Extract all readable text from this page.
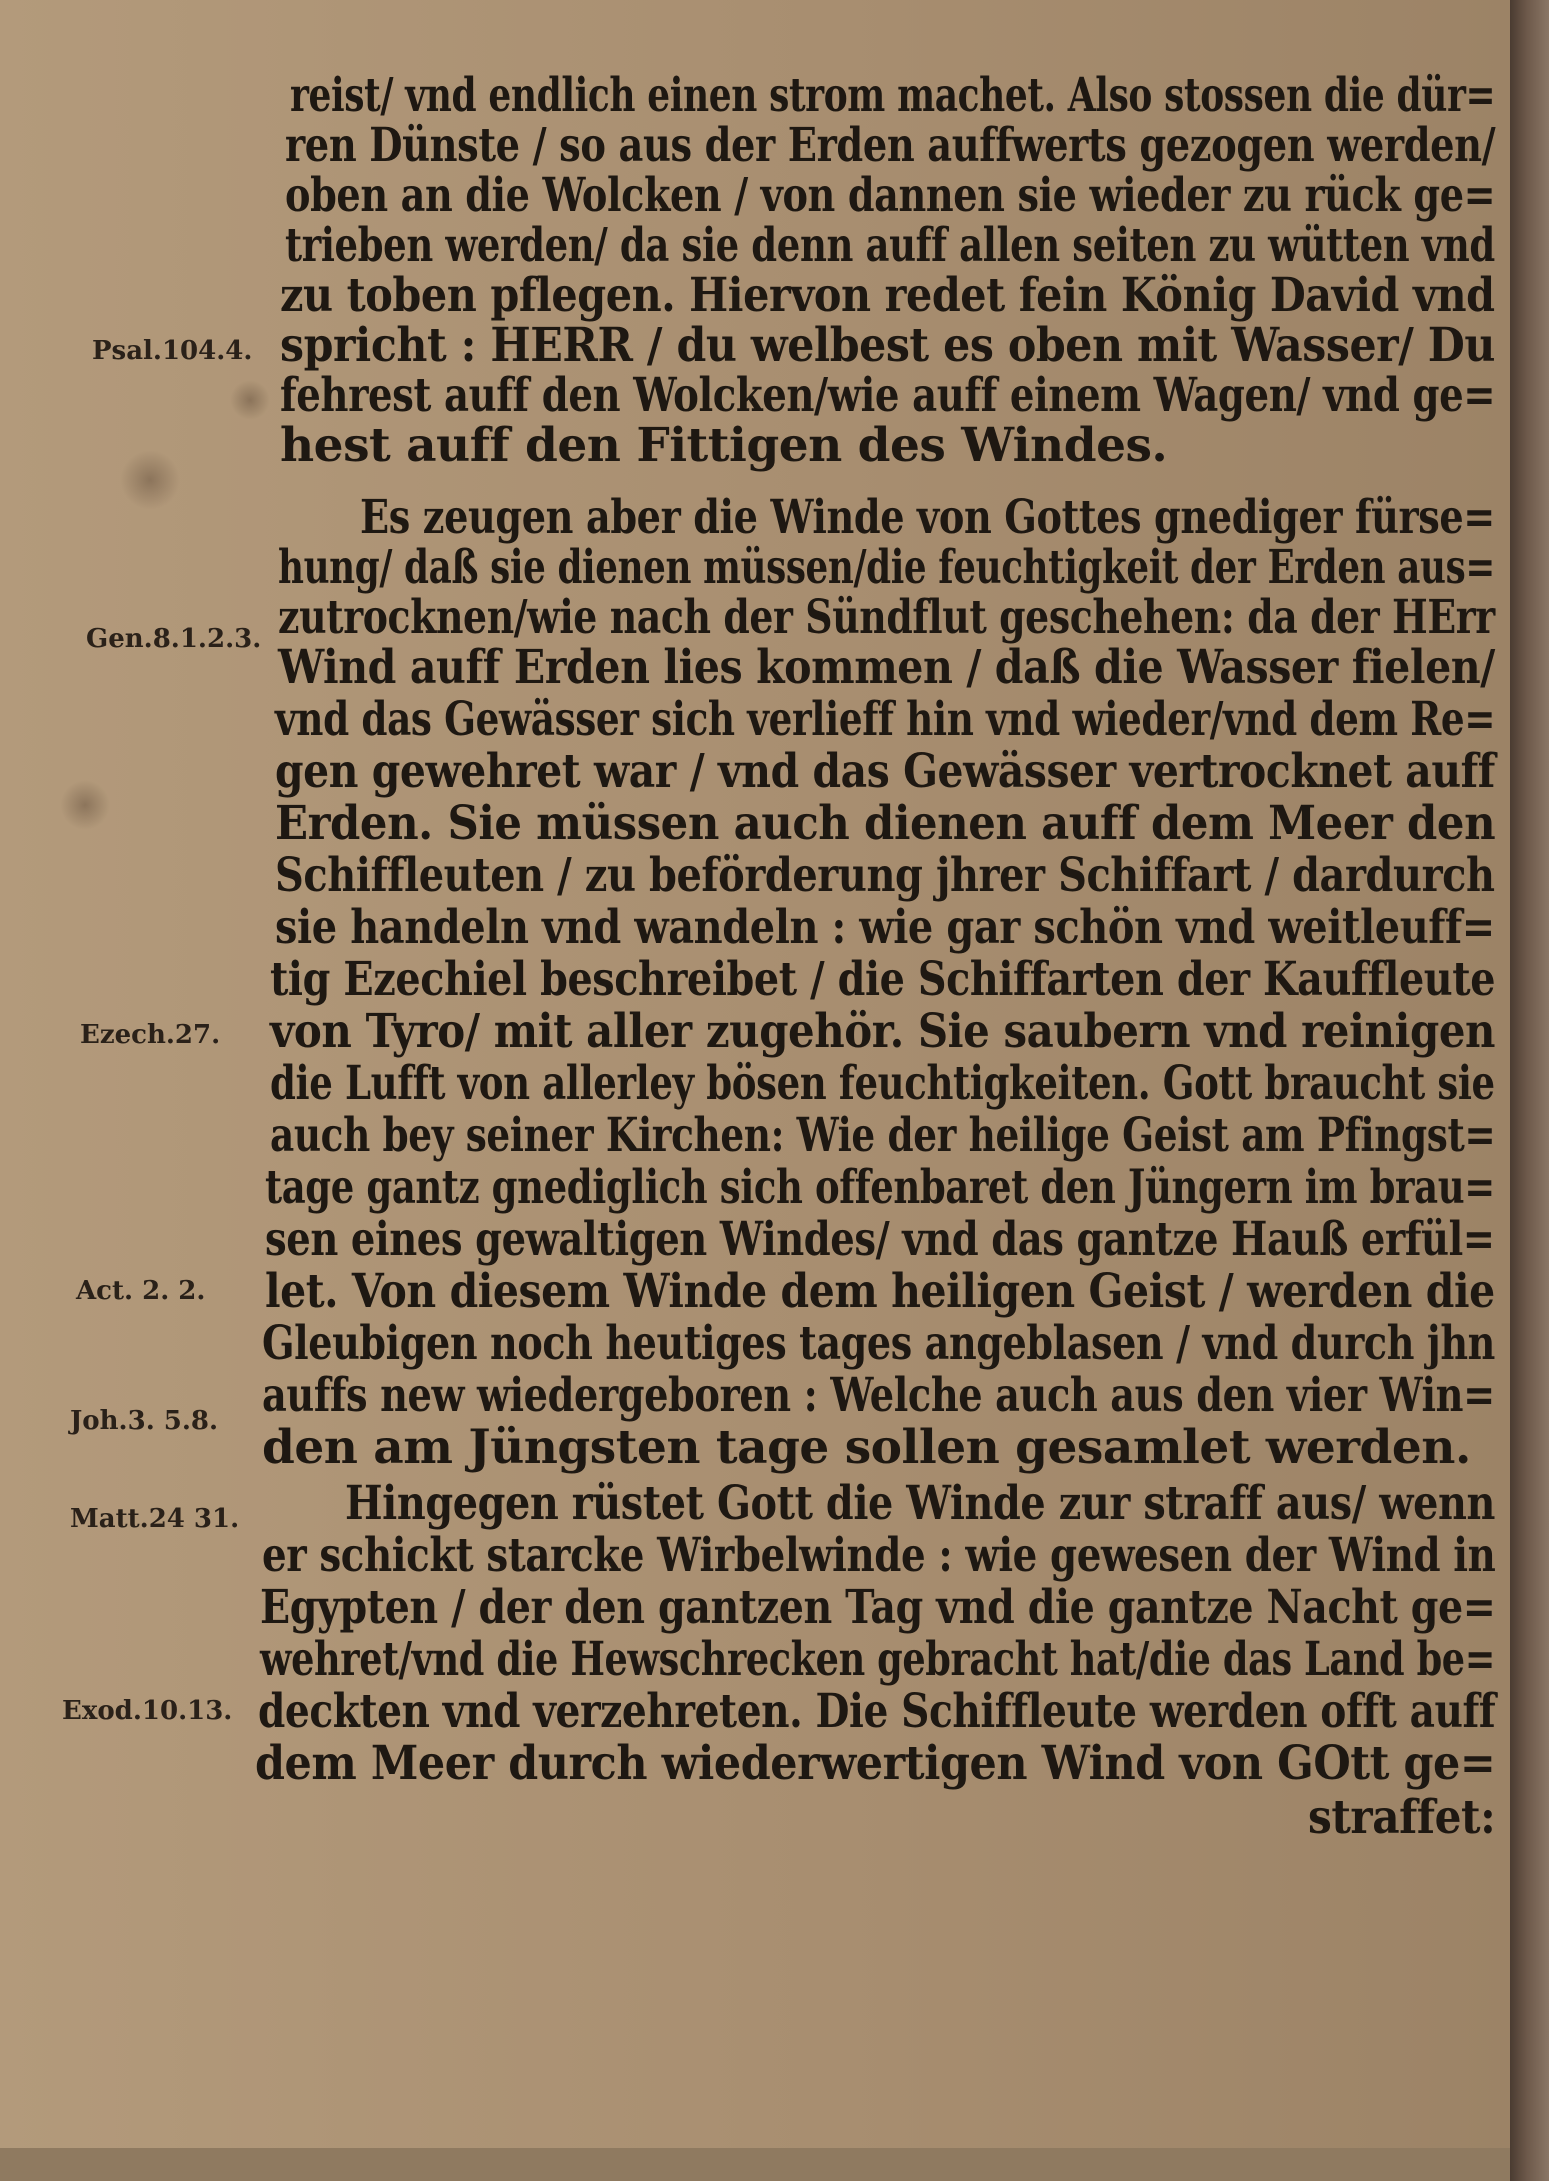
reist/ vnd endlich einen strom machet. Also stossen die dür=
ren Dünste / so aus der Erden auffwerts gezogen werden/
oben an die Wolcken / von dannen sie wieder zu rück ge=
trieben werden/ da sie denn auff allen seiten zu wütten vnd
zu toben pflegen. Hiervon redet fein König David vnd
spricht : HERR / du welbest es oben mit Wasser/ Du
fehrest auff den Wolcken/wie auff einem Wagen/ vnd ge=
hest auff den Fittigen des Windes.
Es zeugen aber die Winde von Gottes gnediger fürse=
hung/ daß sie dienen müssen/die feuchtigkeit der Erden aus=
zutrocknen/wie nach der Sündflut geschehen: da der HErr
Wind auff Erden lies kommen / daß die Wasser fielen/
vnd das Gewässer sich verlieff hin vnd wieder/vnd dem Re=
gen gewehret war / vnd das Gewässer vertrocknet auff
Erden. Sie müssen auch dienen auff dem Meer den
Schiffleuten / zu beförderung jhrer Schiffart / dardurch
sie handeln vnd wandeln : wie gar schön vnd weitleuff=
tig Ezechiel beschreibet / die Schiffarten der Kauffleute
von Tyro/ mit aller zugehör. Sie saubern vnd reinigen
die Lufft von allerley bösen feuchtigkeiten. Gott braucht sie
auch bey seiner Kirchen: Wie der heilige Geist am Pfingst=
tage gantz gnediglich sich offenbaret den Jüngern im brau=
sen eines gewaltigen Windes/ vnd das gantze Hauß erfül=
let. Von diesem Winde dem heiligen Geist / werden die
Gleubigen noch heutiges tages angeblasen / vnd durch jhn
auffs new wiedergeboren : Welche auch aus den vier Win=
den am Jüngsten tage sollen gesamlet werden.
Hingegen rüstet Gott die Winde zur straff aus/ wenn
er schickt starcke Wirbelwinde : wie gewesen der Wind in
Egypten / der den gantzen Tag vnd die gantze Nacht ge=
wehret/vnd die Hewschrecken gebracht hat/die das Land be=
deckten vnd verzehreten. Die Schiffleute werden offt auff
dem Meer durch wiederwertigen Wind von GOtt ge=
straffet:
Psal.104.4.
Gen.8.1.2.3.
Ezech.27.
Act. 2. 2.
Joh.3. 5.8.
Matt.24 31.
Exod.10.13.
